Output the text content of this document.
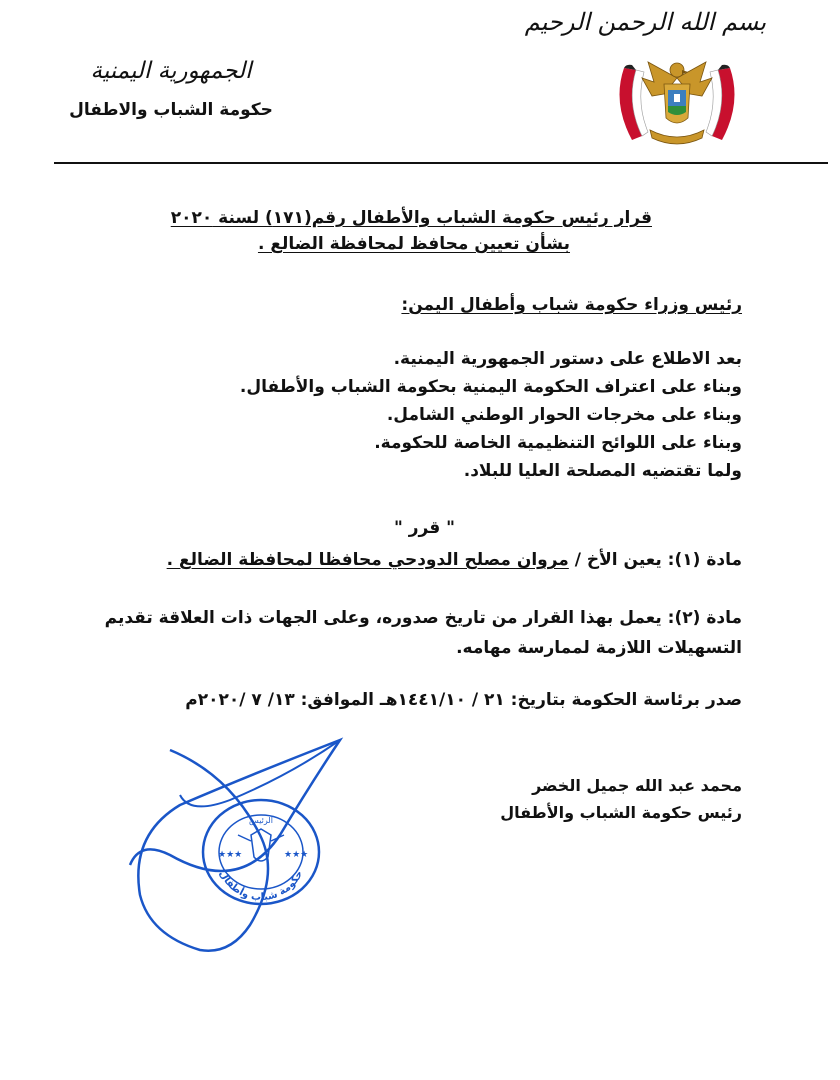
بسم الله الرحمن الرحيم
الجمهورية اليمنية
حكومة الشباب والاطفال
قرار رئيس حكومة الشباب والأطفال رقم(١٧١) لسنة ٢٠٢٠
بشأن تعيين محافظ لمحافظة الضالع .
رئيس وزراء حكومة شباب وأطفال اليمن:
بعد الاطلاع على دستور الجمهورية اليمنية.
وبناء على اعتراف الحكومة اليمنية بحكومة الشباب والأطفال.
وبناء على مخرجات الحوار الوطني الشامل.
وبناء على اللوائح التنظيمية الخاصة للحكومة.
ولما تقتضيه المصلحة العليا للبلاد.
" قرر "
مادة (١): يعين الأخ / مروان مصلح الدودحي محافظا لمحافظة الضالع .
مادة (٢): يعمل بهذا القرار من تاريخ صدوره، وعلى الجهات ذات العلاقة تقديم
التسهيلات اللازمة لممارسة مهامه.
صدر برئاسة الحكومة بتاريخ: ٢١ / ١٤٤١/١٠هـ الموافق: ١٣/ ٧ /٢٠٢٠م
محمد عبد الله جميل الخضر
رئيس حكومة الشباب والأطفال
حكومة شباب وأطفال
الرئيس
★★★	★★★
